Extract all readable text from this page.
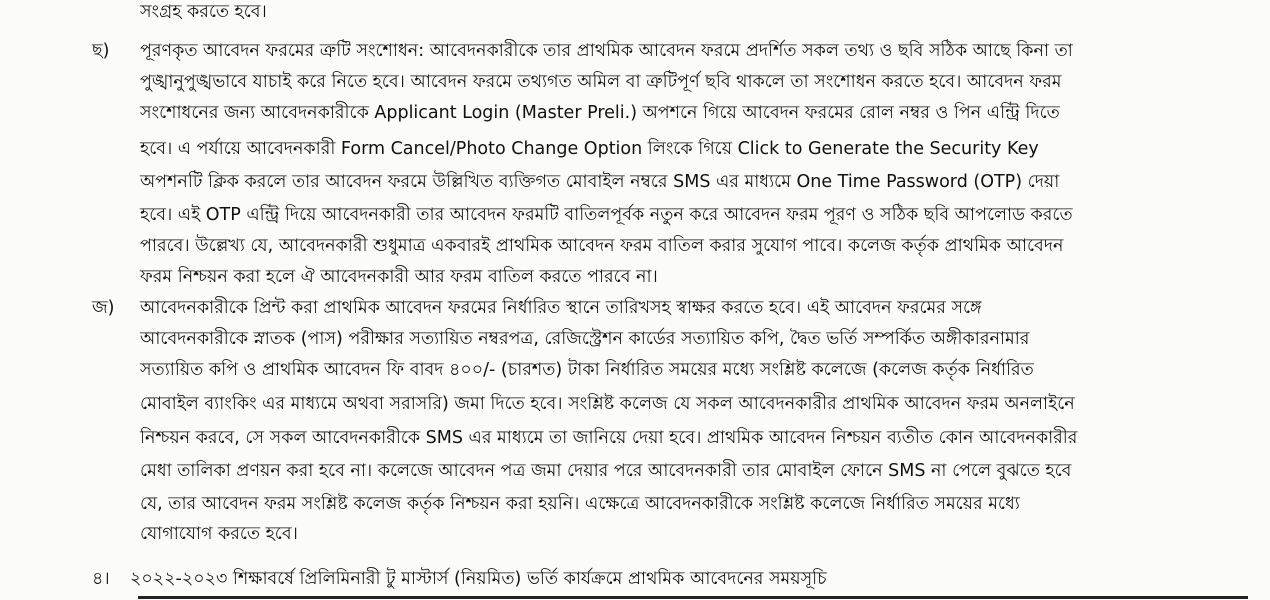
সংগ্রহ করতে হবে।
ছ) পূরণকৃত আবেদন ফরমের ত্রুটি সংশোধন: আবেদনকারীকে তার প্রাথমিক আবেদন ফরমে প্রদর্শিত সকল তথ্য ও ছবি সঠিক আছে কিনা তা
পুঙ্খানুপুঙ্খভাবে যাচাই করে নিতে হবে। আবেদন ফরমে তথ্যগত অমিল বা ত্রুটিপূর্ণ ছবি থাকলে তা সংশোধন করতে হবে। আবেদন ফরম
সংশোধনের জন্য আবেদনকারীকে Applicant Login (Master Preli.) অপশনে গিয়ে আবেদন ফরমের রোল নম্বর ও পিন এন্ট্রি দিতে
হবে। এ পর্যায়ে আবেদনকারী Form Cancel/Photo Change Option লিংকে গিয়ে Click to Generate the Security Key
অপশনটি ক্লিক করলে তার আবেদন ফরমে উল্লিখিত ব্যক্তিগত মোবাইল নম্বরে SMS এর মাধ্যমে One Time Password (OTP) দেয়া
হবে। এই OTP এন্ট্রি দিয়ে আবেদনকারী তার আবেদন ফরমটি বাতিলপূর্বক নতুন করে আবেদন ফরম পূরণ ও সঠিক ছবি আপলোড করতে
পারবে। উল্লেখ্য যে, আবেদনকারী শুধুমাত্র একবারই প্রাথমিক আবেদন ফরম বাতিল করার সুযোগ পাবে। কলেজ কর্তৃক প্রাথমিক আবেদন
ফরম নিশ্চয়ন করা হলে ঐ আবেদনকারী আর ফরম বাতিল করতে পারবে না।
জ) আবেদনকারীকে প্রিন্ট করা প্রাথমিক আবেদন ফরমের নির্ধারিত স্থানে তারিখসহ স্বাক্ষর করতে হবে। এই আবেদন ফরমের সঙ্গে
আবেদনকারীকে স্নাতক (পাস) পরীক্ষার সত্যায়িত নম্বরপত্র, রেজিস্ট্রেশন কার্ডের সত্যায়িত কপি, দ্বৈত ভর্তি সম্পর্কিত অঙ্গীকারনামার
সত্যায়িত কপি ও প্রাথমিক আবেদন ফি বাবদ ৪০০/- (চারশত) টাকা নির্ধারিত সময়ের মধ্যে সংশ্লিষ্ট কলেজে (কলেজ কর্তৃক নির্ধারিত
মোবাইল ব্যাংকিং এর মাধ্যমে অথবা সরাসরি) জমা দিতে হবে। সংশ্লিষ্ট কলেজ যে সকল আবেদনকারীর প্রাথমিক আবেদন ফরম অনলাইনে
নিশ্চয়ন করবে, সে সকল আবেদনকারীকে SMS এর মাধ্যমে তা জানিয়ে দেয়া হবে। প্রাথমিক আবেদন নিশ্চয়ন ব্যতীত কোন আবেদনকারীর
মেধা তালিকা প্রণয়ন করা হবে না। কলেজে আবেদন পত্র জমা দেয়ার পরে আবেদনকারী তার মোবাইল ফোনে SMS না পেলে বুঝতে হবে
যে, তার আবেদন ফরম সংশ্লিষ্ট কলেজ কর্তৃক নিশ্চয়ন করা হয়নি। এক্ষেত্রে আবেদনকারীকে সংশ্লিষ্ট কলেজে নির্ধারিত সময়ের মধ্যে
যোগাযোগ করতে হবে।
৪। ২০২২-২০২৩ শিক্ষাবর্ষে প্রিলিমিনারী টু মাস্টার্স (নিয়মিত) ভর্তি কার্যক্রমে প্রাথমিক আবেদনের সময়সূচি
